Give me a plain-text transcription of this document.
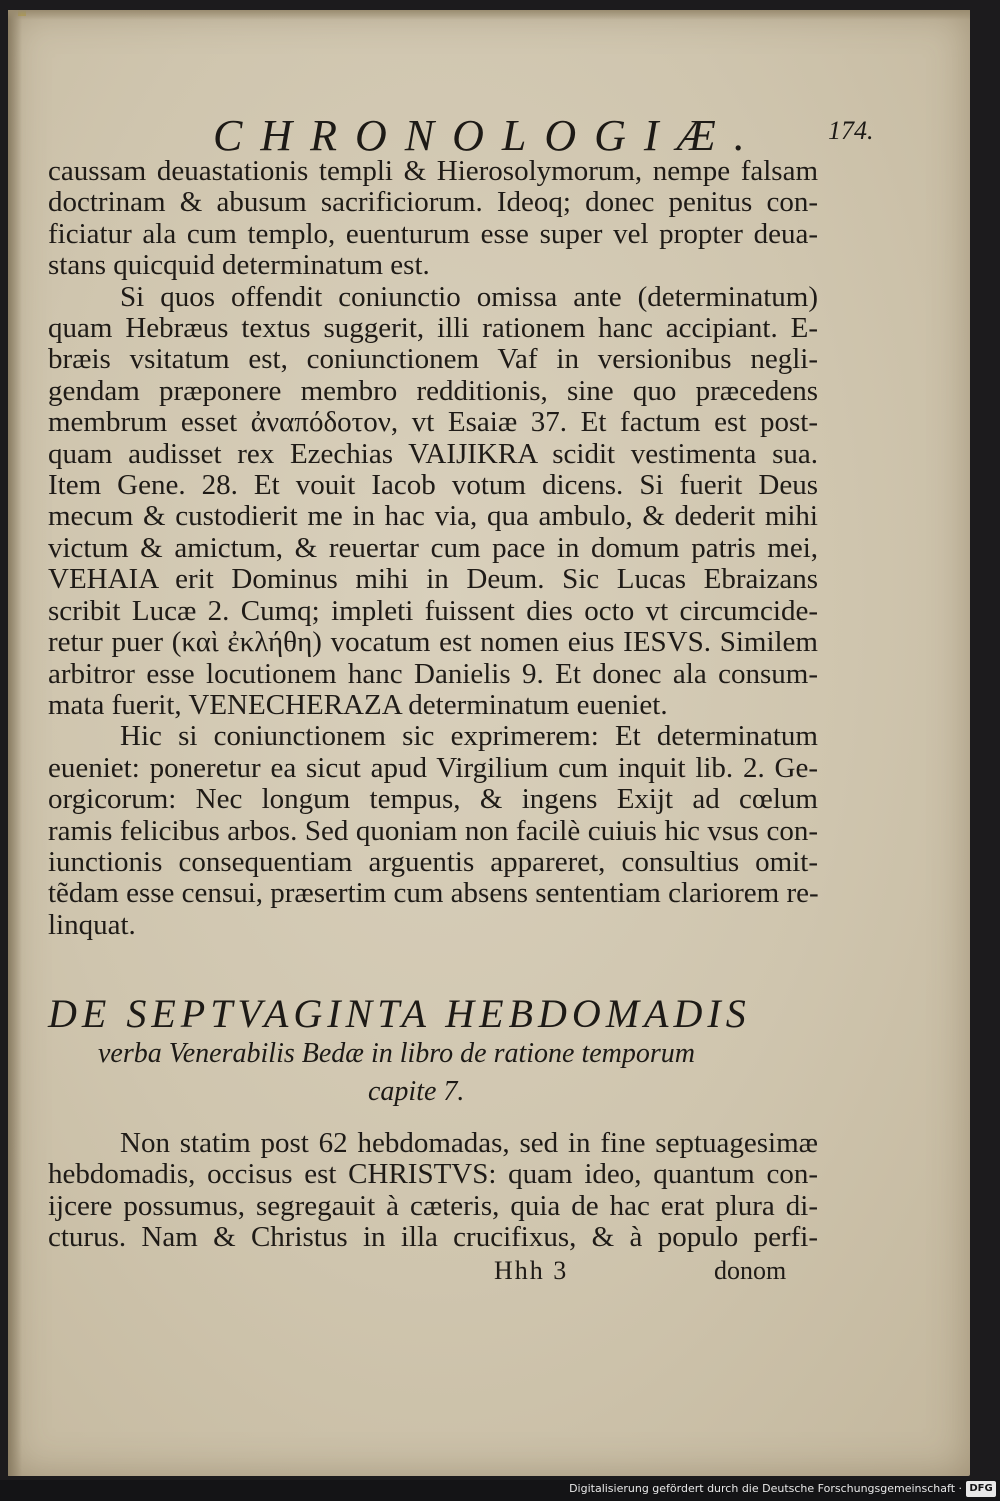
CHRONOLOGIÆ.	174.
caussam deuastationis templi & Hierosolymorum, nempe falsam
doctrinam & abusum sacrificiorum. Ideoq; donec penitus con-
ficiatur ala cum templo, euenturum esse super vel propter deua-
stans quicquid determinatum est.
Si quos offendit coniunctio omissa ante (determinatum)
quam Hebræus textus suggerit, illi rationem hanc accipiant. E-
bræis vsitatum est, coniunctionem Vaf in versionibus negli-
gendam præponere membro redditionis, sine quo præcedens
membrum esset ἀναπόδοτον, vt Esaiæ 37. Et factum est post-
quam audisset rex Ezechias VAIJIKRA scidit vestimenta sua.
Item Gene. 28. Et vouit Iacob votum dicens. Si fuerit Deus
mecum & custodierit me in hac via, qua ambulo, & dederit mihi
victum & amictum, & reuertar cum pace in domum patris mei,
VEHAIA erit Dominus mihi in Deum. Sic Lucas Ebraizans
scribit Lucæ 2. Cumq; impleti fuissent dies octo vt circumcide-
retur puer (καὶ ἐκλήθη) vocatum est nomen eius IESVS. Similem
arbitror esse locutionem hanc Danielis 9. Et donec ala consum-
mata fuerit, VENECHERAZA determinatum eueniet.
Hic si coniunctionem sic exprimerem: Et determinatum
eueniet: poneretur ea sicut apud Virgilium cum inquit lib. 2. Ge-
orgicorum: Nec longum tempus, & ingens Exijt ad cœlum
ramis felicibus arbos. Sed quoniam non facilè cuiuis hic vsus con-
iunctionis consequentiam arguentis appareret, consultius omit-
tẽdam esse censui, præsertim cum absens sententiam clariorem re-
linquat.
DE SEPTVAGINTA HEBDOMADIS
verba Venerabilis Bedæ in libro de ratione temporum
capite 7.
Non statim post 62 hebdomadas, sed in fine septuagesimæ
hebdomadis, occisus est CHRISTVS: quam ideo, quantum con-
ijcere possumus, segregauit à cæteris, quia de hac erat plura di-
cturus. Nam & Christus in illa crucifixus, & à populo perfi-
Hhh 3	donom
Digitalisierung gefördert durch die Deutsche Forschungsgemeinschaft · DFG
